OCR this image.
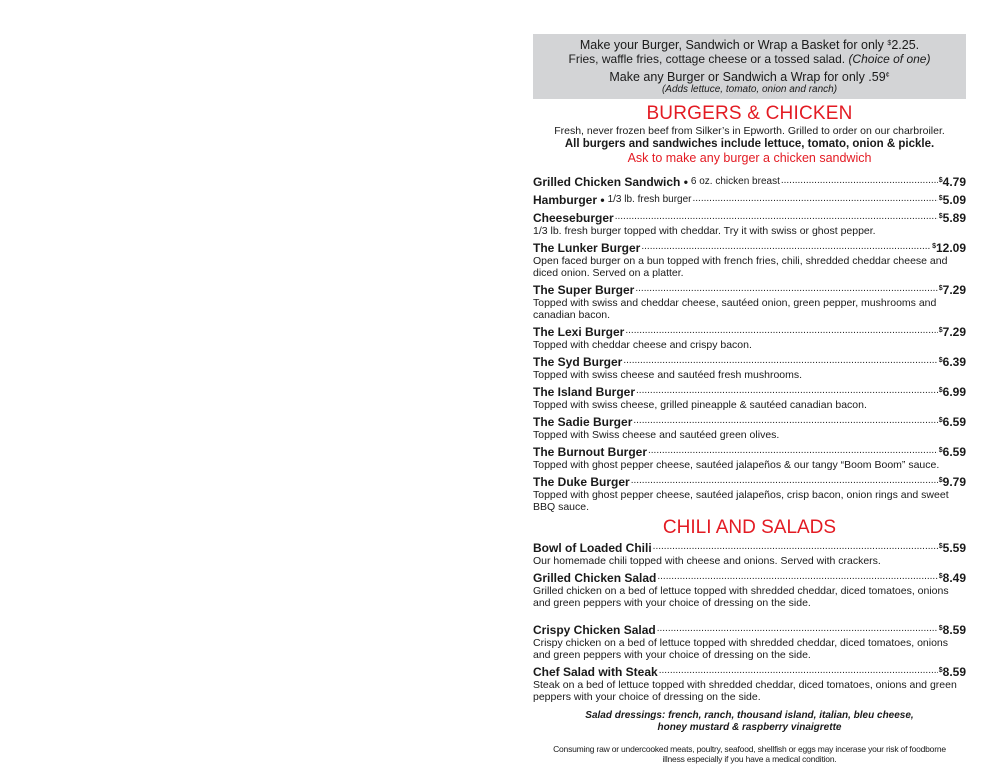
Make your Burger, Sandwich or Wrap a Basket for only $2.25.
Fries, waffle fries, cottage cheese or a tossed salad. (Choice of one)
Make any Burger or Sandwich a Wrap for only .59¢
(Adds lettuce, tomato, onion and ranch)
BURGERS & CHICKEN
Fresh, never frozen beef from Silker’s in Epworth. Grilled to order on our charbroiler.
All burgers and sandwiches include lettuce, tomato, onion & pickle.
Ask to make any burger a chicken sandwich
Grilled Chicken Sandwich • 6 oz. chicken breast .....	$4.79
Hamburger • 1/3 lb. fresh burger .....	$5.09
Cheeseburger .....	$5.89
1/3 lb. fresh burger topped with cheddar. Try it with swiss or ghost pepper.
The Lunker Burger .....	$12.09
Open faced burger on a bun topped with french fries, chili, shredded cheddar cheese and diced onion. Served on a platter.
The Super Burger .....	$7.29
Topped with swiss and cheddar cheese, sautéed onion, green pepper, mushrooms and canadian bacon.
The Lexi Burger .....	$7.29
Topped with cheddar cheese and crispy bacon.
The Syd Burger .....	$6.39
Topped with swiss cheese and sautéed fresh mushrooms.
The Island Burger .....	$6.99
Topped with swiss cheese, grilled pineapple & sautéed canadian bacon.
The Sadie Burger .....	$6.59
Topped with Swiss cheese and sautéed green olives.
The Burnout Burger .....	$6.59
Topped with ghost pepper cheese, sautéed jalapeños & our tangy “Boom Boom” sauce.
The Duke Burger .....	$9.79
Topped with ghost pepper cheese, sautéed jalapeños, crisp bacon, onion rings and sweet BBQ sauce.
CHILI AND SALADS
Bowl of Loaded Chili .....	$5.59
Our homemade chili topped with cheese and onions. Served with crackers.
Grilled Chicken Salad .....	$8.49
Grilled chicken on a bed of lettuce topped with shredded cheddar, diced tomatoes, onions and green peppers with your choice of dressing on the side.
Crispy Chicken Salad .....	$8.59
Crispy chicken on a bed of lettuce topped with shredded cheddar, diced tomatoes, onions and green peppers with your choice of dressing on the side.
Chef Salad with Steak .....	$8.59
Steak on a bed of lettuce topped with shredded cheddar, diced tomatoes, onions and green peppers with your choice of dressing on the side.
Salad dressings: french, ranch, thousand island, italian, bleu cheese,
honey mustard & raspberry vinaigrette
Consuming raw or undercooked meats, poultry, seafood, shellfish or eggs may incerase your risk of foodborne
illness especially if you have a medical condition.
